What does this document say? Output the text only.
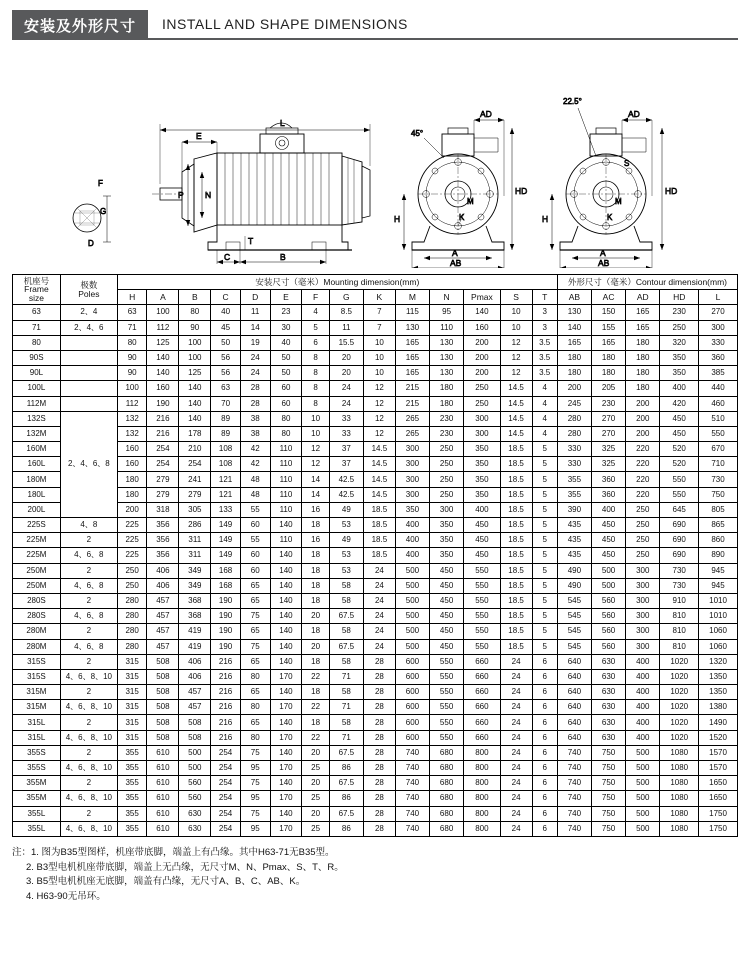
安装及外形尺寸	INSTALL AND SHAPE DIMENSIONS
F
G
D
L
E
P	N
C	B
T
45°
AD
HD
H
M
K
A
AB
22.5°
AD
HD
H
S
M
K
A
AB
机座号
Frame
size

极数
Poles
	安装尺寸（毫米）Mounting dimension(mm)	外形尺寸（毫米）Contour dimension(mm)
		H	A	B	C	D	E	F	G	K	M	N	Pmax	S	T	AB	AC	AD	HD	L
63	2、4	63	100	80	40	11	23	4	8.5	7	115	95	140	10	3	130	150	165	230	270
71	2、4、6	71	112	90	45	14	30	5	11	7	130	110	160	10	3	140	155	165	250	300
80		80	125	100	50	19	40	6	15.5	10	165	130	200	12	3.5	165	165	180	320	330
90S		90	140	100	56	24	50	8	20	10	165	130	200	12	3.5	180	180	180	350	360
90L		90	140	125	56	24	50	8	20	10	165	130	200	12	3.5	180	180	180	350	385
100L		100	160	140	63	28	60	8	24	12	215	180	250	14.5	4	200	205	180	400	440
112M		112	190	140	70	28	60	8	24	12	215	180	250	14.5	4	245	230	200	420	460
132S	2、4、6、8	132	216	140	89	38	80	10	33	12	265	230	300	14.5	4	280	270	200	450	510
132M		132	216	178	89	38	80	10	33	12	265	230	300	14.5	4	280	270	200	450	550
160M		160	254	210	108	42	110	12	37	14.5	300	250	350	18.5	5	330	325	220	520	670
160L		160	254	254	108	42	110	12	37	14.5	300	250	350	18.5	5	330	325	220	520	710
180M		180	279	241	121	48	110	14	42.5	14.5	300	250	350	18.5	5	355	360	220	550	730
180L		180	279	279	121	48	110	14	42.5	14.5	300	250	350	18.5	5	355	360	220	550	750
200L		200	318	305	133	55	110	16	49	18.5	350	300	400	18.5	5	390	400	250	645	805
225S	4、8	225	356	286	149	60	140	18	53	18.5	400	350	450	18.5	5	435	450	250	690	865
225M	2	225	356	311	149	55	110	16	49	18.5	400	350	450	18.5	5	435	450	250	690	860
225M	4、6、8	225	356	311	149	60	140	18	53	18.5	400	350	450	18.5	5	435	450	250	690	890
250M	2	250	406	349	168	60	140	18	53	24	500	450	550	18.5	5	490	500	300	730	945
250M	4、6、8	250	406	349	168	65	140	18	58	24	500	450	550	18.5	5	490	500	300	730	945
280S	2	280	457	368	190	65	140	18	58	24	500	450	550	18.5	5	545	560	300	910	1010
280S	4、6、8	280	457	368	190	75	140	20	67.5	24	500	450	550	18.5	5	545	560	300	810	1010
280M	2	280	457	419	190	65	140	18	58	24	500	450	550	18.5	5	545	560	300	810	1060
280M	4、6、8	280	457	419	190	75	140	20	67.5	24	500	450	550	18.5	5	545	560	300	810	1060
315S	2	315	508	406	216	65	140	18	58	28	600	550	660	24	6	640	630	400	1020	1320
315S	4、6、8、10	315	508	406	216	80	170	22	71	28	600	550	660	24	6	640	630	400	1020	1350
315M	2	315	508	457	216	65	140	18	58	28	600	550	660	24	6	640	630	400	1020	1350
315M	4、6、8、10	315	508	457	216	80	170	22	71	28	600	550	660	24	6	640	630	400	1020	1380
315L	2	315	508	508	216	65	140	18	58	28	600	550	660	24	6	640	630	400	1020	1490
315L	4、6、8、10	315	508	508	216	80	170	22	71	28	600	550	660	24	6	640	630	400	1020	1520
355S	2	355	610	500	254	75	140	20	67.5	28	740	680	800	24	6	740	750	500	1080	1570
355S	4、6、8、10	355	610	500	254	95	170	25	86	28	740	680	800	24	6	740	750	500	1080	1570
355M	2	355	610	560	254	75	140	20	67.5	28	740	680	800	24	6	740	750	500	1080	1650
355M	4、6、8、10	355	610	560	254	95	170	25	86	28	740	680	800	24	6	740	750	500	1080	1650
355L	2	355	610	630	254	75	140	20	67.5	28	740	680	800	24	6	740	750	500	1080	1750
355L	4、6、8、10	355	610	630	254	95	170	25	86	28	740	680	800	24	6	740	750	500	1080	1750
注：1. 图为B35型图样，机座带底脚，端盖上有凸缘。其中H63-71无B35型。
2. B3型电机机座带底脚，端盖上无凸缘，无尺寸M、N、Pmax、S、T、R。
3. B5型电机机座无底脚，端盖有凸缘，无尺寸A、B、C、AB、K。
4. H63-90无吊环。
